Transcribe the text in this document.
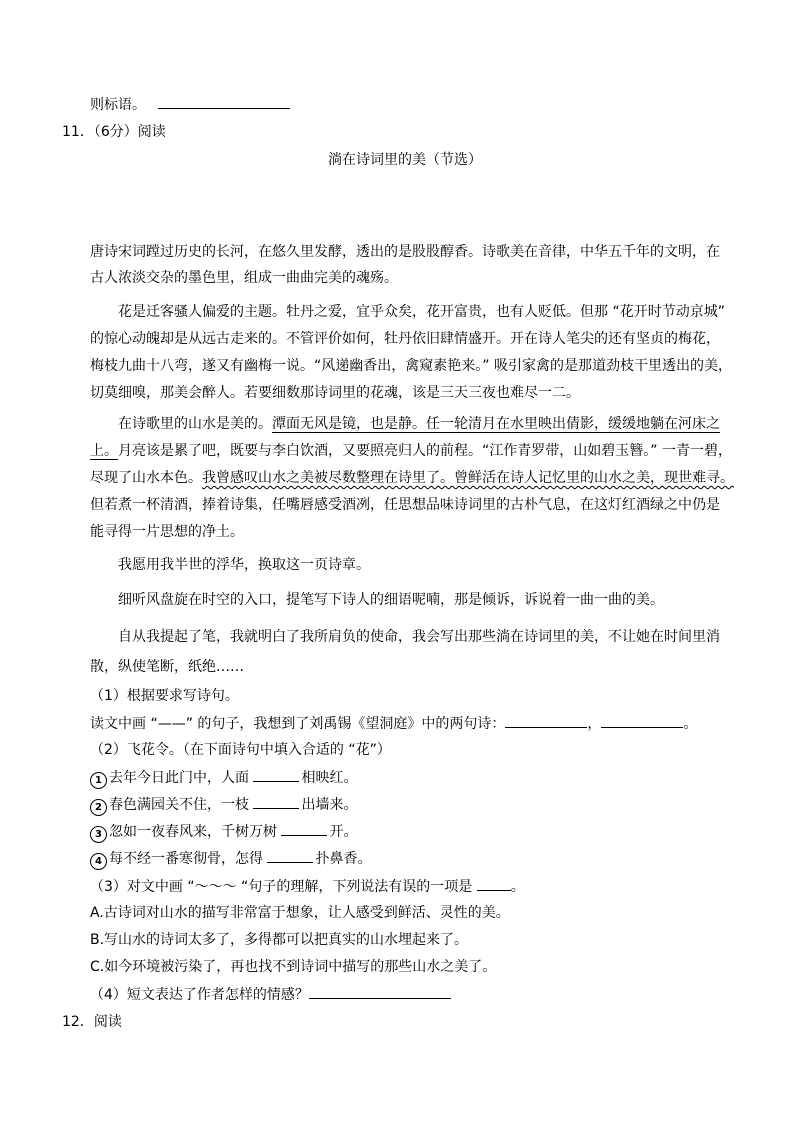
则标语。
11．（6分）阅读
淌在诗词里的美（节选）
唐诗宋词蹚过历史的长河，在悠久里发酵，透出的是股股醇香。诗歌美在音律，中华五千年的文明，在
古人浓淡交杂的墨色里，组成一曲曲完美的魂殇。
花是迁客骚人偏爱的主题。牡丹之爱，宜乎众矣，花开富贵，也有人贬低。但那 “花开时节动京城”
的惊心动魄却是从远古走来的。不管评价如何，牡丹依旧肆情盛开。开在诗人笔尖的还有坚贞的梅花，
梅枝九曲十八弯，遂又有幽梅一说。“风递幽香出，禽窥素艳来。” 吸引家禽的是那道劲枝干里透出的美，
切莫细嗅，那美会醉人。若要细数那诗词里的花魂，该是三天三夜也难尽一二。
在诗歌里的山水是美的。潭面无风是镜，也是静。任一轮清月在水里映出倩影，缓缓地躺在河床之
上。月亮该是累了吧，既要与李白饮酒，又要照亮归人的前程。“江作青罗带，山如碧玉簪。” 一青一碧，
尽现了山水本色。我曾感叹山水之美被尽数整理在诗里了。曾鲜活在诗人记忆里的山水之美，现世难寻。
但若煮一杯清酒，捧着诗集，任嘴唇感受酒冽，任思想品味诗词里的古朴气息，在这灯红酒绿之中仍是
能寻得一片思想的净土。
我愿用我半世的浮华，换取这一页诗章。
细听风盘旋在时空的入口，提笔写下诗人的细语呢喃，那是倾诉，诉说着一曲一曲的美。
自从我提起了笔，我就明白了我所肩负的使命，我会写出那些淌在诗词里的美，不让她在时间里消
散，纵使笔断，纸绝……
（1）根据要求写诗句。
读文中画 “——” 的句子，我想到了刘禹锡《望洞庭》中的两句诗：	，	。
（2）飞花令。（在下面诗句中填入合适的 “花”）
1 去年今日此门中，人面	相映红。
2 春色满园关不住，一枝	出墙来。
3 忽如一夜春风来，千树万树	开。
4 每不经一番寒彻骨，怎得	扑鼻香。
（3）对文中画 “～～～ “句子的理解，下列说法有误的一项是 。
A.古诗词对山水的描写非常富于想象，让人感受到鲜活、灵性的美。
B.写山水的诗词太多了，多得都可以把真实的山水埋起来了。
C.如今环境被污染了，再也找不到诗词中描写的那些山水之美了。
（4）短文表达了作者怎样的情感？
12．阅读
